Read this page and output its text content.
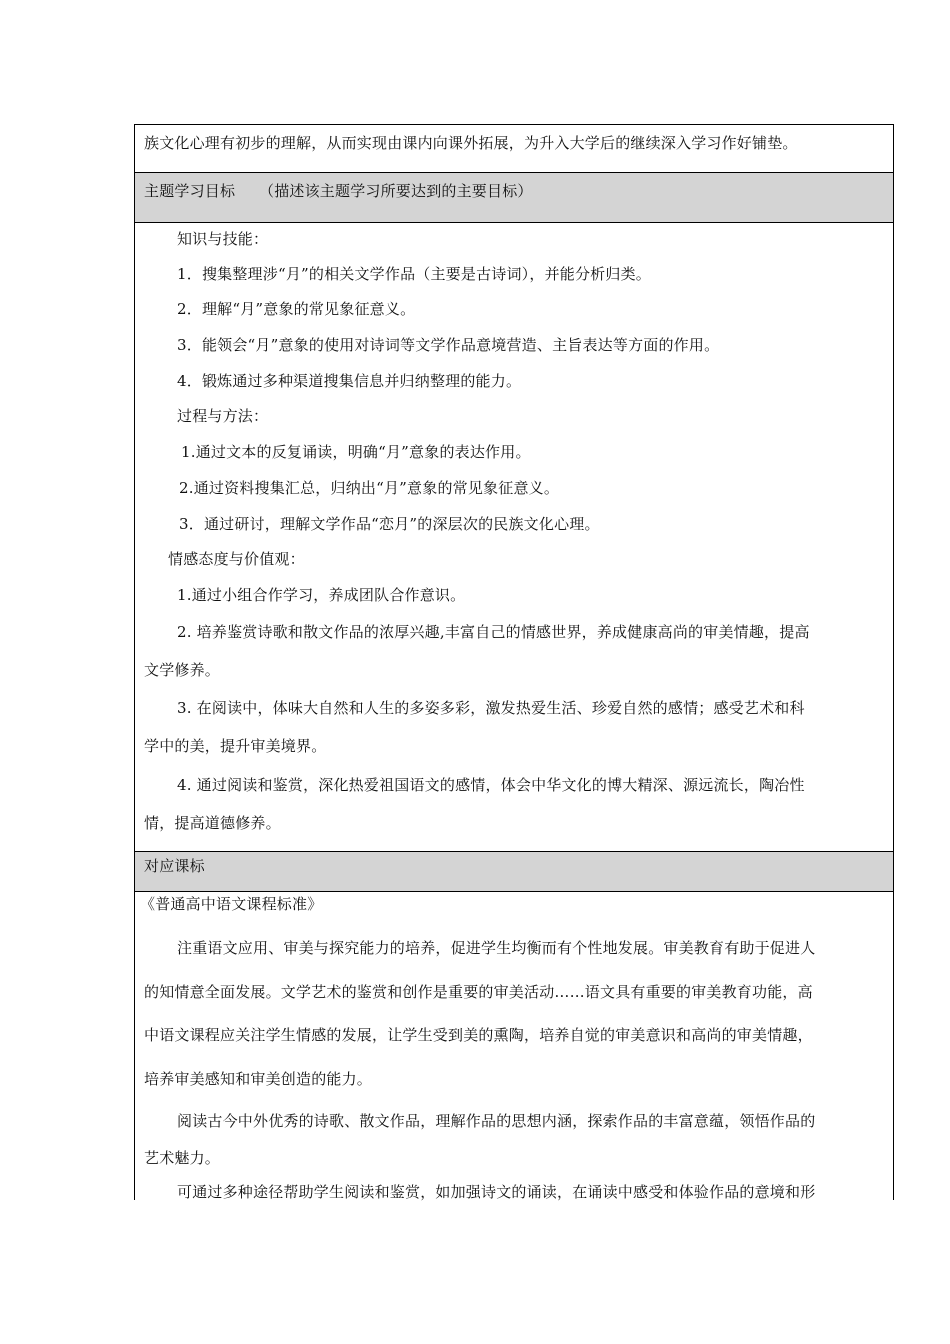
族文化心理有初步的理解，从而实现由课内向课外拓展，为升入大学后的继续深入学习作好铺垫。
主题学习目标 （描述该主题学习所要达到的主要目标）
知识与技能：
1．搜集整理涉“月”的相关文学作品（主要是古诗词），并能分析归类。
2．理解“月”意象的常见象征意义。
3．能领会“月”意象的使用对诗词等文学作品意境营造、主旨表达等方面的作用。
4．锻炼通过多种渠道搜集信息并归纳整理的能力。
过程与方法：
1.通过文本的反复诵读，明确“月”意象的表达作用。
2.通过资料搜集汇总，归纳出“月”意象的常见象征意义。
3．通过研讨，理解文学作品“恋月”的深层次的民族文化心理。
情感态度与价值观：
1.通过小组合作学习，养成团队合作意识。
2. 培养鉴赏诗歌和散文作品的浓厚兴趣,丰富自己的情感世界，养成健康高尚的审美情趣，提高
文学修养。
3. 在阅读中，体味大自然和人生的多姿多彩，激发热爱生活、珍爱自然的感情；感受艺术和科
学中的美，提升审美境界。
4. 通过阅读和鉴赏，深化热爱祖国语文的感情，体会中华文化的博大精深、源远流长，陶冶性
情，提高道德修养。
对应课标
《普通高中语文课程标准》
注重语文应用、审美与探究能力的培养，促进学生均衡而有个性地发展。审美教育有助于促进人
的知情意全面发展。文学艺术的鉴赏和创作是重要的审美活动……语文具有重要的审美教育功能，高
中语文课程应关注学生情感的发展，让学生受到美的熏陶，培养自觉的审美意识和高尚的审美情趣，
培养审美感知和审美创造的能力。
阅读古今中外优秀的诗歌、散文作品，理解作品的思想内涵，探索作品的丰富意蕴，领悟作品的
艺术魅力。
可通过多种途径帮助学生阅读和鉴赏，如加强诗文的诵读，在诵读中感受和体验作品的意境和形
